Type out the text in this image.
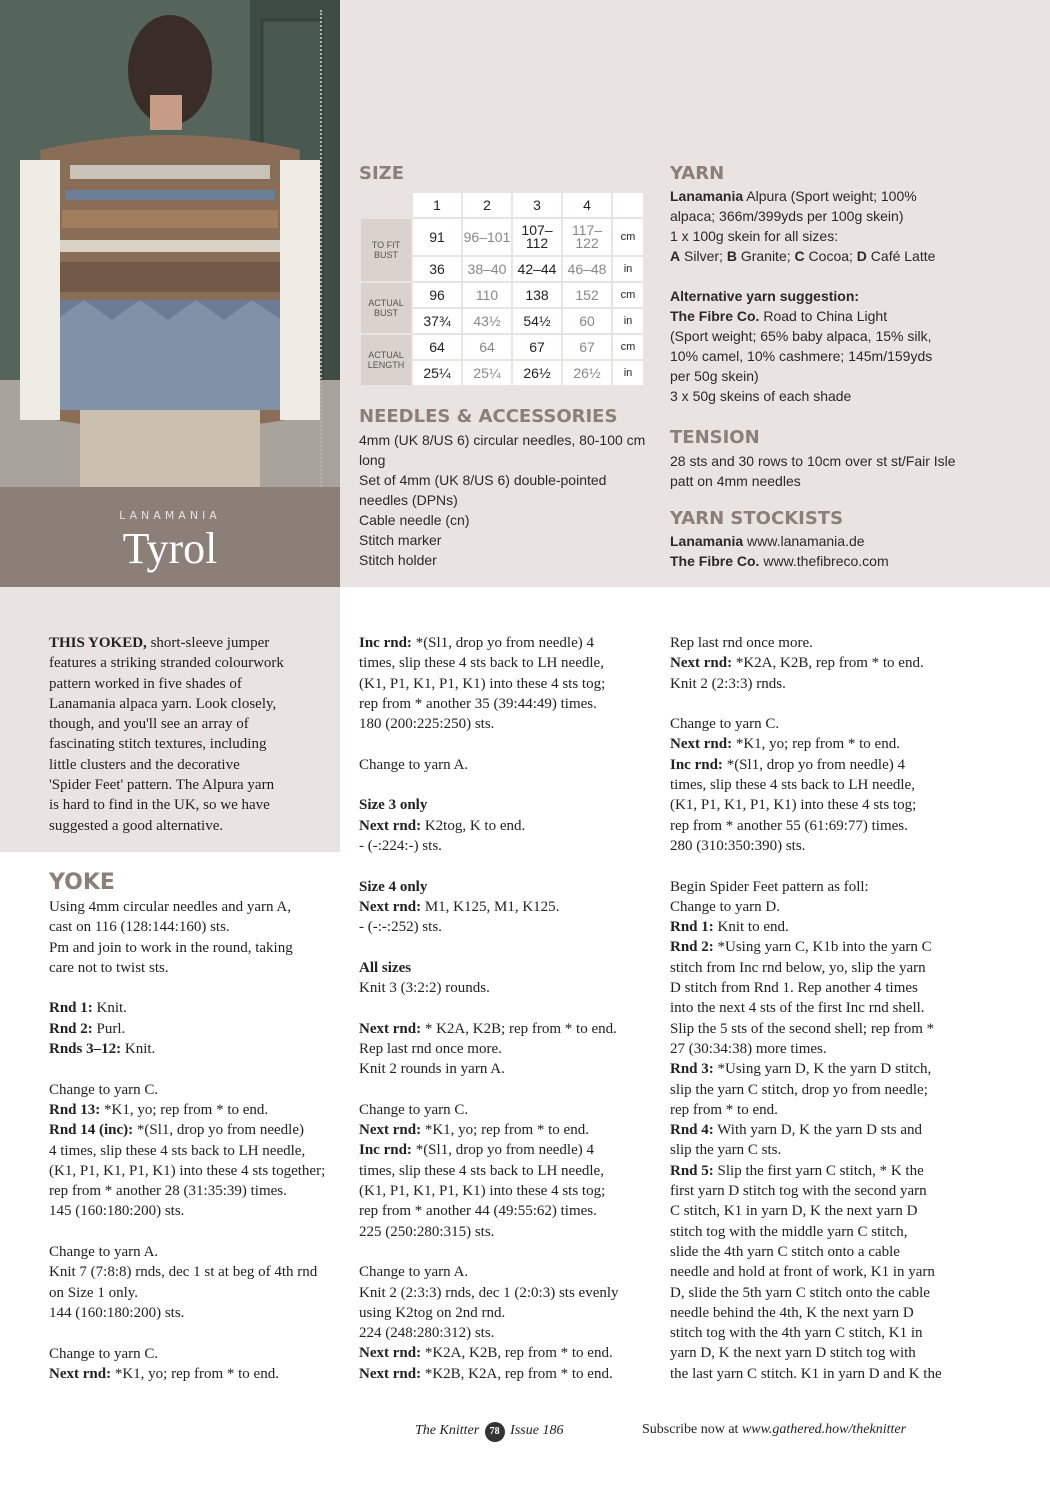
LANAMANIA
Tyrol
SIZE
	1	2	3	4	
TO FIT BUST	91	96–101	107–112	117–122	cm
	36	38–40	42–44	46–48	in
ACTUAL BUST	96	110	138	152	cm
	37¾	43½	54½	60	in
ACTUAL LENGTH	64	64	67	67	cm
	25¼	25¼	26½	26½	in
NEEDLES & ACCESSORIES
4mm (UK 8/US 6) circular needles, 80-100 cm
long
Set of 4mm (UK 8/US 6) double-pointed
needles (DPNs)
Cable needle (cn)
Stitch marker
Stitch holder
YARN
Lanamania Alpura (Sport weight; 100%
alpaca; 366m/399yds per 100g skein)
1 x 100g skein for all sizes:
A Silver; B Granite; C Cocoa; D Café Latte
Alternative yarn suggestion:
The Fibre Co. Road to China Light
(Sport weight; 65% baby alpaca, 15% silk,
10% camel, 10% cashmere; 145m/159yds
per 50g skein)
3 x 50g skeins of each shade
TENSION
28 sts and 30 rows to 10cm over st st/Fair Isle
patt on 4mm needles
YARN STOCKISTS
Lanamania www.lanamania.de
The Fibre Co. www.thefibreco.com
THIS YOKED, short-sleeve jumper
features a striking stranded colourwork
pattern worked in five shades of
Lanamania alpaca yarn. Look closely,
though, and you'll see an array of
fascinating stitch textures, including
little clusters and the decorative
'Spider Feet' pattern. The Alpura yarn
is hard to find in the UK, so we have
suggested a good alternative.
YOKE
Using 4mm circular needles and yarn A,
cast on 116 (128:144:160) sts.
Pm and join to work in the round, taking
care not to twist sts.
Rnd 1: Knit.
Rnd 2: Purl.
Rnds 3–12: Knit.
Change to yarn C.
Rnd 13: *K1, yo; rep from * to end.
Rnd 14 (inc): *(Sl1, drop yo from needle)
4 times, slip these 4 sts back to LH needle,
(K1, P1, K1, P1, K1) into these 4 sts together;
rep from * another 28 (31:35:39) times.
145 (160:180:200) sts.
Change to yarn A.
Knit 7 (7:8:8) rnds, dec 1 st at beg of 4th rnd
on Size 1 only.
144 (160:180:200) sts.
Change to yarn C.
Next rnd: *K1, yo; rep from * to end.
Inc rnd: *(Sl1, drop yo from needle) 4
times, slip these 4 sts back to LH needle,
(K1, P1, K1, P1, K1) into these 4 sts tog;
rep from * another 35 (39:44:49) times.
180 (200:225:250) sts.
Change to yarn A.
Size 3 only
Next rnd: K2tog, K to end.
- (-:224:-) sts.
Size 4 only
Next rnd: M1, K125, M1, K125.
- (-:-:252) sts.
All sizes
Knit 3 (3:2:2) rounds.
Next rnd: * K2A, K2B; rep from * to end.
Rep last rnd once more.
Knit 2 rounds in yarn A.
Change to yarn C.
Next rnd: *K1, yo; rep from * to end.
Inc rnd: *(Sl1, drop yo from needle) 4
times, slip these 4 sts back to LH needle,
(K1, P1, K1, P1, K1) into these 4 sts tog;
rep from * another 44 (49:55:62) times.
225 (250:280:315) sts.
Change to yarn A.
Knit 2 (2:3:3) rnds, dec 1 (2:0:3) sts evenly
using K2tog on 2nd rnd.
224 (248:280:312) sts.
Next rnd: *K2A, K2B, rep from * to end.
Next rnd: *K2B, K2A, rep from * to end.
Rep last rnd once more.
Next rnd: *K2A, K2B, rep from * to end.
Knit 2 (2:3:3) rnds.
Change to yarn C.
Next rnd: *K1, yo; rep from * to end.
Inc rnd: *(Sl1, drop yo from needle) 4
times, slip these 4 sts back to LH needle,
(K1, P1, K1, P1, K1) into these 4 sts tog;
rep from * another 55 (61:69:77) times.
280 (310:350:390) sts.
Begin Spider Feet pattern as foll:
Change to yarn D.
Rnd 1: Knit to end.
Rnd 2: *Using yarn C, K1b into the yarn C
stitch from Inc rnd below, yo, slip the yarn
D stitch from Rnd 1. Rep another 4 times
into the next 4 sts of the first Inc rnd shell.
Slip the 5 sts of the second shell; rep from *
27 (30:34:38) more times.
Rnd 3: *Using yarn D, K the yarn D stitch,
slip the yarn C stitch, drop yo from needle;
rep from * to end.
Rnd 4: With yarn D, K the yarn D sts and
slip the yarn C sts.
Rnd 5: Slip the first yarn C stitch, * K the
first yarn D stitch tog with the second yarn
C stitch, K1 in yarn D, K the next yarn D
stitch tog with the middle yarn C stitch,
slide the 4th yarn C stitch onto a cable
needle and hold at front of work, K1 in yarn
D, slide the 5th yarn C stitch onto the cable
needle behind the 4th, K the next yarn D
stitch tog with the 4th yarn C stitch, K1 in
yarn D, K the next yarn D stitch tog with
the last yarn C stitch. K1 in yarn D and K the
The Knitter 78 Issue 186	Subscribe now at www.gathered.how/theknitter
